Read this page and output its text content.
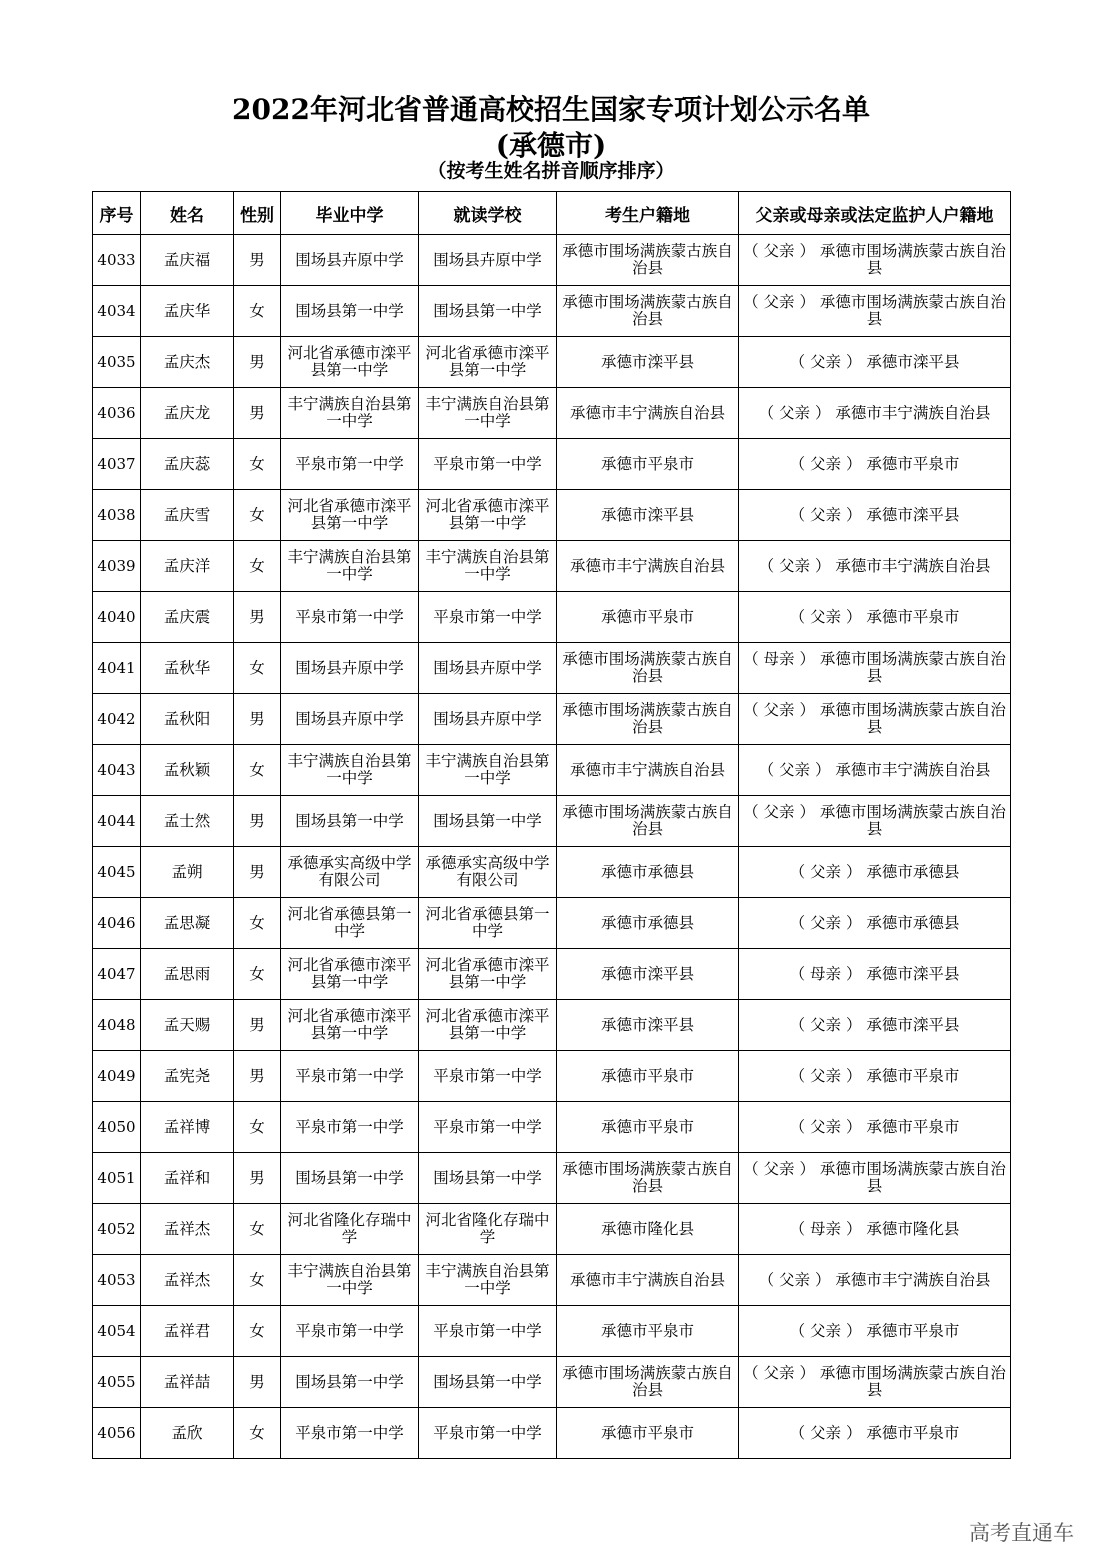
2022年河北省普通高校招生国家专项计划公示名单
(承德市)
（按考生姓名拼音顺序排序）
序号	姓名	性别	毕业中学	就读学校	考生户籍地	父亲或母亲或法定监护人户籍地
4033	孟庆福	男	围场县卉原中学	围场县卉原中学	承德市围场满族蒙古族自治县	（ 父亲 ） 承德市围场满族蒙古族自治县
4034	孟庆华	女	围场县第一中学	围场县第一中学	承德市围场满族蒙古族自治县	（ 父亲 ） 承德市围场满族蒙古族自治县
4035	孟庆杰	男	河北省承德市滦平县第一中学	河北省承德市滦平县第一中学	承德市滦平县	（ 父亲 ） 承德市滦平县
4036	孟庆龙	男	丰宁满族自治县第一中学	丰宁满族自治县第一中学	承德市丰宁满族自治县	（ 父亲 ） 承德市丰宁满族自治县
4037	孟庆蕊	女	平泉市第一中学	平泉市第一中学	承德市平泉市	（ 父亲 ） 承德市平泉市
4038	孟庆雪	女	河北省承德市滦平县第一中学	河北省承德市滦平县第一中学	承德市滦平县	（ 父亲 ） 承德市滦平县
4039	孟庆洋	女	丰宁满族自治县第一中学	丰宁满族自治县第一中学	承德市丰宁满族自治县	（ 父亲 ） 承德市丰宁满族自治县
4040	孟庆震	男	平泉市第一中学	平泉市第一中学	承德市平泉市	（ 父亲 ） 承德市平泉市
4041	孟秋华	女	围场县卉原中学	围场县卉原中学	承德市围场满族蒙古族自治县	（ 母亲 ） 承德市围场满族蒙古族自治县
4042	孟秋阳	男	围场县卉原中学	围场县卉原中学	承德市围场满族蒙古族自治县	（ 父亲 ） 承德市围场满族蒙古族自治县
4043	孟秋颖	女	丰宁满族自治县第一中学	丰宁满族自治县第一中学	承德市丰宁满族自治县	（ 父亲 ） 承德市丰宁满族自治县
4044	孟士然	男	围场县第一中学	围场县第一中学	承德市围场满族蒙古族自治县	（ 父亲 ） 承德市围场满族蒙古族自治县
4045	孟朔	男	承德承实高级中学有限公司	承德承实高级中学有限公司	承德市承德县	（ 父亲 ） 承德市承德县
4046	孟思凝	女	河北省承德县第一中学	河北省承德县第一中学	承德市承德县	（ 父亲 ） 承德市承德县
4047	孟思雨	女	河北省承德市滦平县第一中学	河北省承德市滦平县第一中学	承德市滦平县	（ 母亲 ） 承德市滦平县
4048	孟天赐	男	河北省承德市滦平县第一中学	河北省承德市滦平县第一中学	承德市滦平县	（ 父亲 ） 承德市滦平县
4049	孟宪尧	男	平泉市第一中学	平泉市第一中学	承德市平泉市	（ 父亲 ） 承德市平泉市
4050	孟祥博	女	平泉市第一中学	平泉市第一中学	承德市平泉市	（ 父亲 ） 承德市平泉市
4051	孟祥和	男	围场县第一中学	围场县第一中学	承德市围场满族蒙古族自治县	（ 父亲 ） 承德市围场满族蒙古族自治县
4052	孟祥杰	女	河北省隆化存瑞中学	河北省隆化存瑞中学	承德市隆化县	（ 母亲 ） 承德市隆化县
4053	孟祥杰	女	丰宁满族自治县第一中学	丰宁满族自治县第一中学	承德市丰宁满族自治县	（ 父亲 ） 承德市丰宁满族自治县
4054	孟祥君	女	平泉市第一中学	平泉市第一中学	承德市平泉市	（ 父亲 ） 承德市平泉市
4055	孟祥喆	男	围场县第一中学	围场县第一中学	承德市围场满族蒙古族自治县	（ 父亲 ） 承德市围场满族蒙古族自治县
4056	孟欣	女	平泉市第一中学	平泉市第一中学	承德市平泉市	（ 父亲 ） 承德市平泉市
高考直通车
